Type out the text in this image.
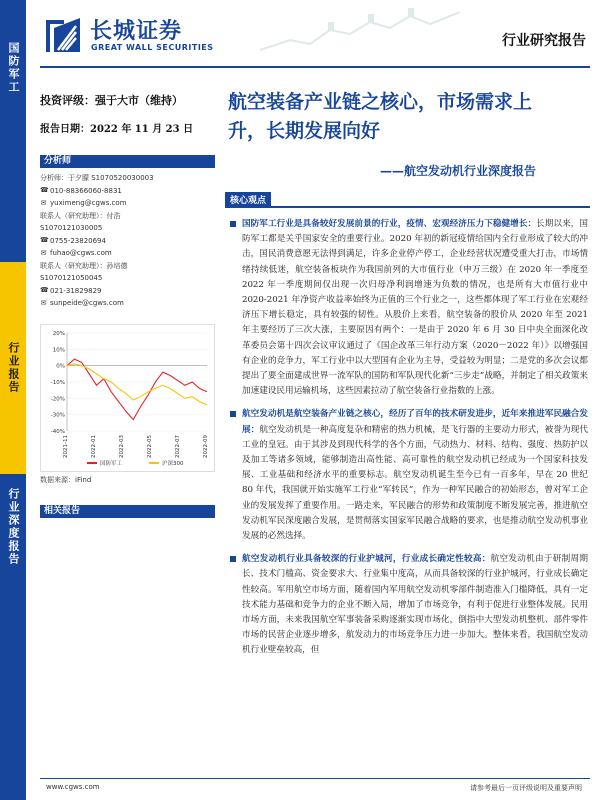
国防军工
行业报告
行业深度报告
长城证券
GREAT WALL SECURITIES	行业研究报告
投资评级：强于大市（维持）
报告日期：2022 年 11 月 23 日
分析师
分析师：于夕朦 S1070520030003
☎ 010-88366060-8831
✉ yuximeng@cgws.com
联系人（研究助理）：付浩
S1070121030005
☎ 0755-23820694
✉ fuhao@cgws.com
联系人（研究助理）：孙培德
S1070121050045
☎ 021-31829829
✉ sunpeide@cgws.com
20%
10%
0%
-10%
-20%
-30%
-40%
2021-11	2022-01	2022-03	2022-05	2022-07	2022-09
国防军工	沪深300
数据来源：iFind
相关报告
航空装备产业链之核心，市场需求上升，长期发展向好
——航空发动机行业深度报告
核心观点
国防军工行业是具备较好发展前景的行业，疫情、宏观经济压力下稳健增长：长期以来，国防军工都是关乎国家安全的重要行业。2020 年初的新冠疫情给国内全行业形成了较大的冲击，国民消费意愿无法得到满足，许多企业停产停工，企业经营状况遭受重大打击，市场情绪持续低迷，航空装备板块作为我国前列的大市值行业（申万三级）在 2020 年一季度至 2022 年一季度期间仅出现一次归母净利润增速为负数的情况，也是所有大市值行业中 2020-2021 年净资产收益率始终为正值的三个行业之一，这些都体现了军工行业在宏观经济压下增长稳定，具有较强的韧性。从股价上来看，航空装备的股价从 2020 年至 2021 年主要经历了三次大涨，主要原因有两个：一是由于 2020 年 6 月 30 日中央全面深化改革委员会第十四次会议审议通过了《国企改革三年行动方案（2020－2022 年）》以增强国有企业的竞争力，军工行业中以大型国有企业为主导，受益较为明显；二是党的多次会议都提出了要全面建成世界一流军队的国防和军队现代化新“三步走”战略，并制定了相关政策来加速建设民用运输机场，这些因素拉动了航空装备行业指数的上涨。
航空发动机是航空装备产业链之核心，经历了百年的技术研发进步，近年来推进军民融合发展：航空发动机是一种高度复杂和精密的热力机械，是飞行器的主要动力形式，被誉为现代工业的皇冠。由于其涉及到现代科学的各个方面，气动热力、材料、结构、强度、热防护以及加工等诸多领域，能够制造出高性能、高可靠性的航空发动机已经成为一个国家科技发展、工业基础和经济水平的重要标志。航空发动机诞生至今已有一百多年，早在 20 世纪 80 年代，我国就开始实施军工行业“军转民”，作为一种军民融合的初始形态，曾对军工企业的发展发挥了重要作用。一路走来，军民融合的形势和政策制度不断发展完善，推进航空发动机军民深度融合发展，是贯彻落实国家军民融合战略的要求，也是推动航空发动机事业发展的必然选择。
航空发动机行业具备较深的行业护城河，行业成长确定性较高：航空发动机由于研制周期长、技术门槛高、资金要求大、行业集中度高，从而具备较深的行业护城河，行业成长确定性较高。军用航空市场方面，随着国内军用航空发动机零部件制造准入门槛降低，具有一定技术能力基础和竞争力的企业不断入局，增加了市场竞争，有利于促进行业整体发展。民用市场方面，未来我国航空军事装备采购逐渐实现市场化，倒指中大型发动机整机、部件零件市场的民营企业逐步增多，航发动力的市场竞争压力进一步加大。整体来看，我国航空发动机行业壁垒较高，但
www.cgws.com	请参考最后一页评级说明及重要声明
